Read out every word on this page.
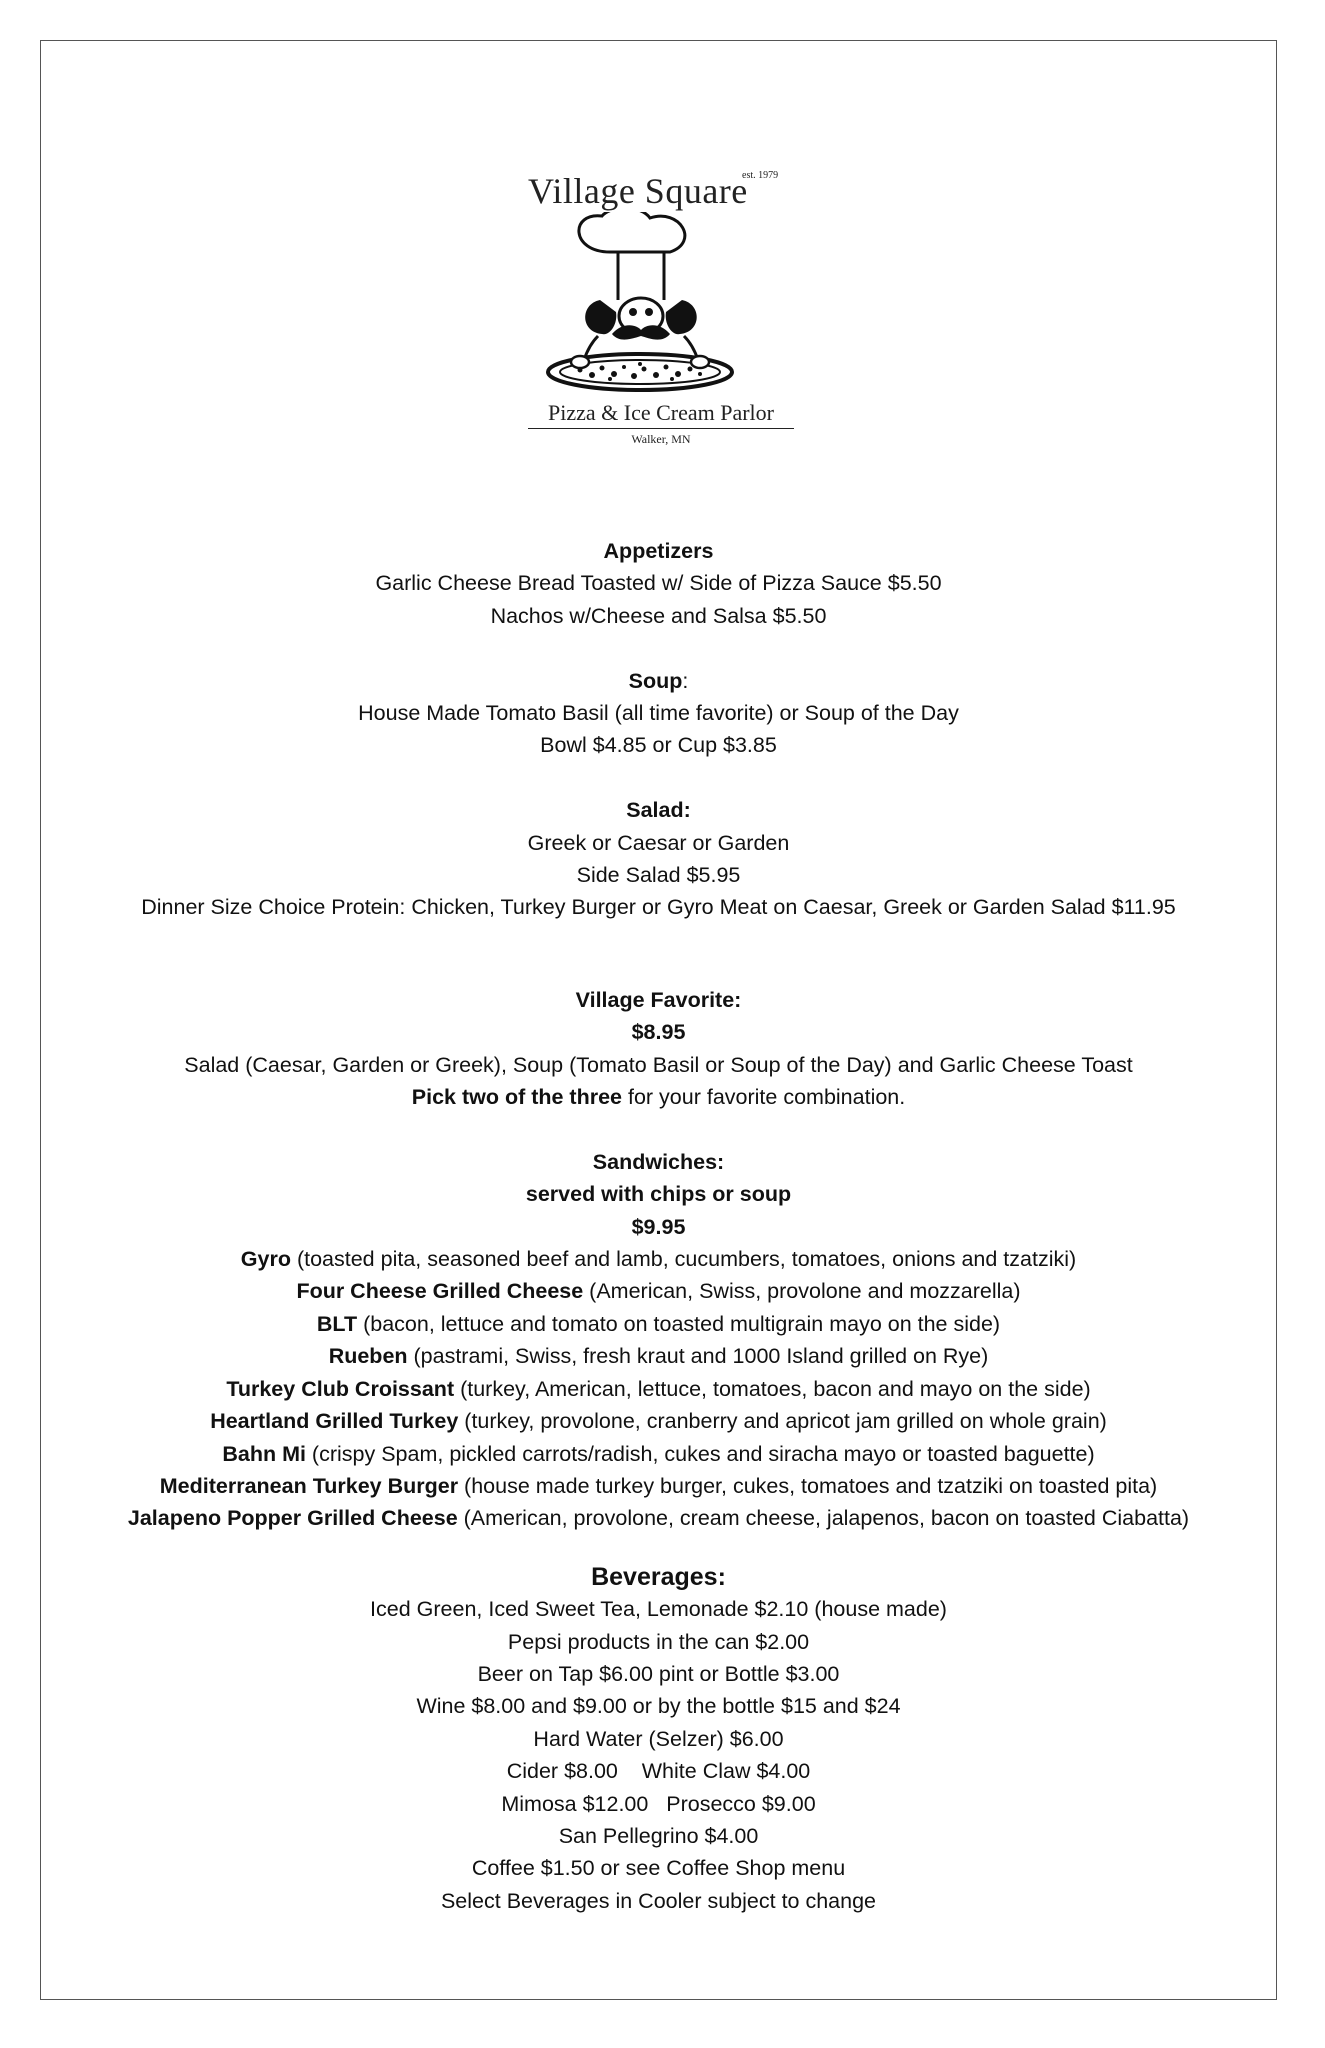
Village Square
est. 1979
Pizza & Ice Cream Parlor
Walker, MN

Appetizers

Garlic Cheese Bread Toasted w/ Side of Pizza Sauce $5.50

Nachos w/Cheese and Salsa $5.50

Soup:

House Made Tomato Basil (all time favorite) or Soup of the Day

Bowl $4.85 or Cup $3.85

Salad:

Greek or Caesar or Garden

Side Salad $5.95

Dinner Size Choice Protein: Chicken, Turkey Burger or Gyro Meat on Caesar, Greek or Garden Salad $11.95

Village Favorite:

$8.95

Salad (Caesar, Garden or Greek), Soup (Tomato Basil or Soup of the Day) and Garlic Cheese Toast

Pick two of the three for your favorite combination.

Sandwiches:

served with chips or soup

$9.95

Gyro (toasted pita, seasoned beef and lamb, cucumbers, tomatoes, onions and tzatziki)

Four Cheese Grilled Cheese (American, Swiss, provolone and mozzarella)

BLT (bacon, lettuce and tomato on toasted multigrain mayo on the side)

Rueben (pastrami, Swiss, fresh kraut and 1000 Island grilled on Rye)

Turkey Club Croissant (turkey, American, lettuce, tomatoes, bacon and mayo on the side)

Heartland Grilled Turkey (turkey, provolone, cranberry and apricot jam grilled on whole grain)

Bahn Mi (crispy Spam, pickled carrots/radish, cukes and siracha mayo or toasted baguette)

Mediterranean Turkey Burger (house made turkey burger, cukes, tomatoes and tzatziki on toasted pita)

Jalapeno Popper Grilled Cheese (American, provolone, cream cheese, jalapenos, bacon on toasted Ciabatta)

Beverages:

Iced Green, Iced Sweet Tea, Lemonade $2.10 (house made)

Pepsi products in the can $2.00

Beer on Tap $6.00 pint or Bottle $3.00

Wine $8.00 and $9.00 or by the bottle $15 and $24

Hard Water (Selzer) $6.00

Cider $8.00    White Claw $4.00

Mimosa $12.00   Prosecco $9.00

San Pellegrino $4.00

Coffee $1.50 or see Coffee Shop menu

Select Beverages in Cooler subject to change
